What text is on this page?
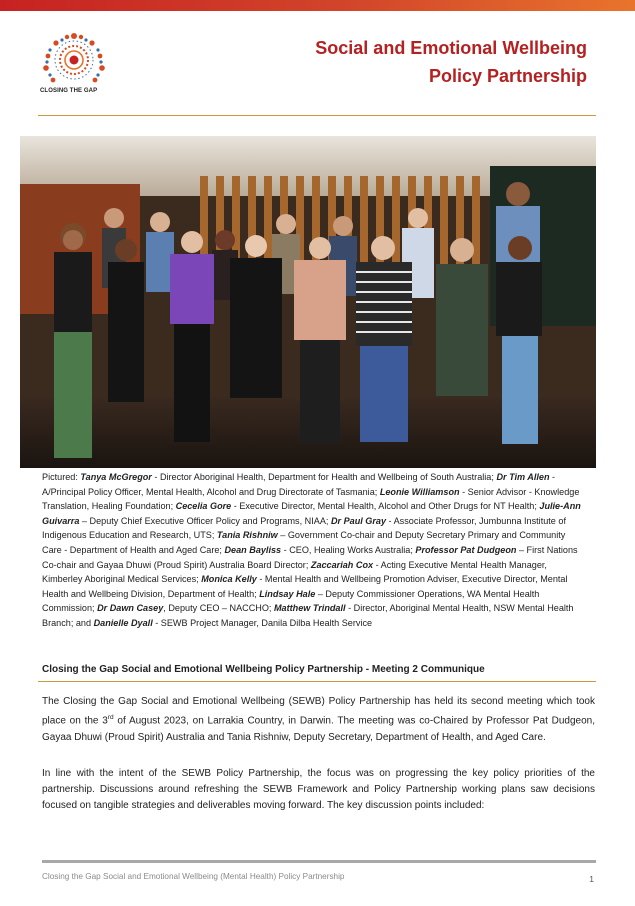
CLOSING THE GAP
Social and Emotional Wellbeing
Policy Partnership
Pictured: Tanya McGregor - Director Aboriginal Health, Department for Health and Wellbeing of South Australia; Dr Tim Allen - A/Principal Policy Officer, Mental Health, Alcohol and Drug Directorate of Tasmania; Leonie Williamson - Senior Advisor - Knowledge Translation, Healing Foundation; Ceceliа Gore - Executive Director, Mental Health, Alcohol and Other Drugs for NT Health; Julie-Ann Guivarra – Deputy Chief Executive Officer Policy and Programs, NIAA; Dr Paul Gray - Associate Professor, Jumbunna Institute of Indigenous Education and Research, UTS; Tania Rishniw – Government Co-chair and Deputy Secretary Primary and Community Care - Department of Health and Aged Care; Dean Bayliss - CEO, Healing Works Australia; Professor Pat Dudgeon – First Nations Co-chair and Gayaa Dhuwi (Proud Spirit) Australia Board Director; Zaccariah Cox - Acting Executive Mental Health Manager, Kimberley Aboriginal Medical Services; Monica Kelly - Mental Health and Wellbeing Promotion Adviser, Executive Director, Mental Health and Wellbeing Division, Department of Health; Lindsay Hale – Deputy Commissioner Operations, WA Mental Health Commission; Dr Dawn Casey, Deputy CEO – NACCHO; Matthew Trindall - Director, Aboriginal Mental Health, NSW Mental Health Branch; and Danielle Dyall - SEWB Project Manager, Danila Dilba Health Service
Closing the Gap Social and Emotional Wellbeing Policy Partnership - Meeting 2 Communique
The Closing the Gap Social and Emotional Wellbeing (SEWB) Policy Partnership has held its second meeting which took place on the 3rd of August 2023, on Larrakia Country, in Darwin. The meeting was co-Chaired by Professor Pat Dudgeon, Gayaa Dhuwi (Proud Spirit) Australia and Tania Rishniw, Deputy Secretary, Department of Health, and Aged Care.
In line with the intent of the SEWB Policy Partnership, the focus was on progressing the key policy priorities of the partnership. Discussions around refreshing the SEWB Framework and Policy Partnership working plans saw decisions focused on tangible strategies and deliverables moving forward. The key discussion points included:
Closing the Gap Social and Emotional Wellbeing (Mental Health) Policy Partnership	1
